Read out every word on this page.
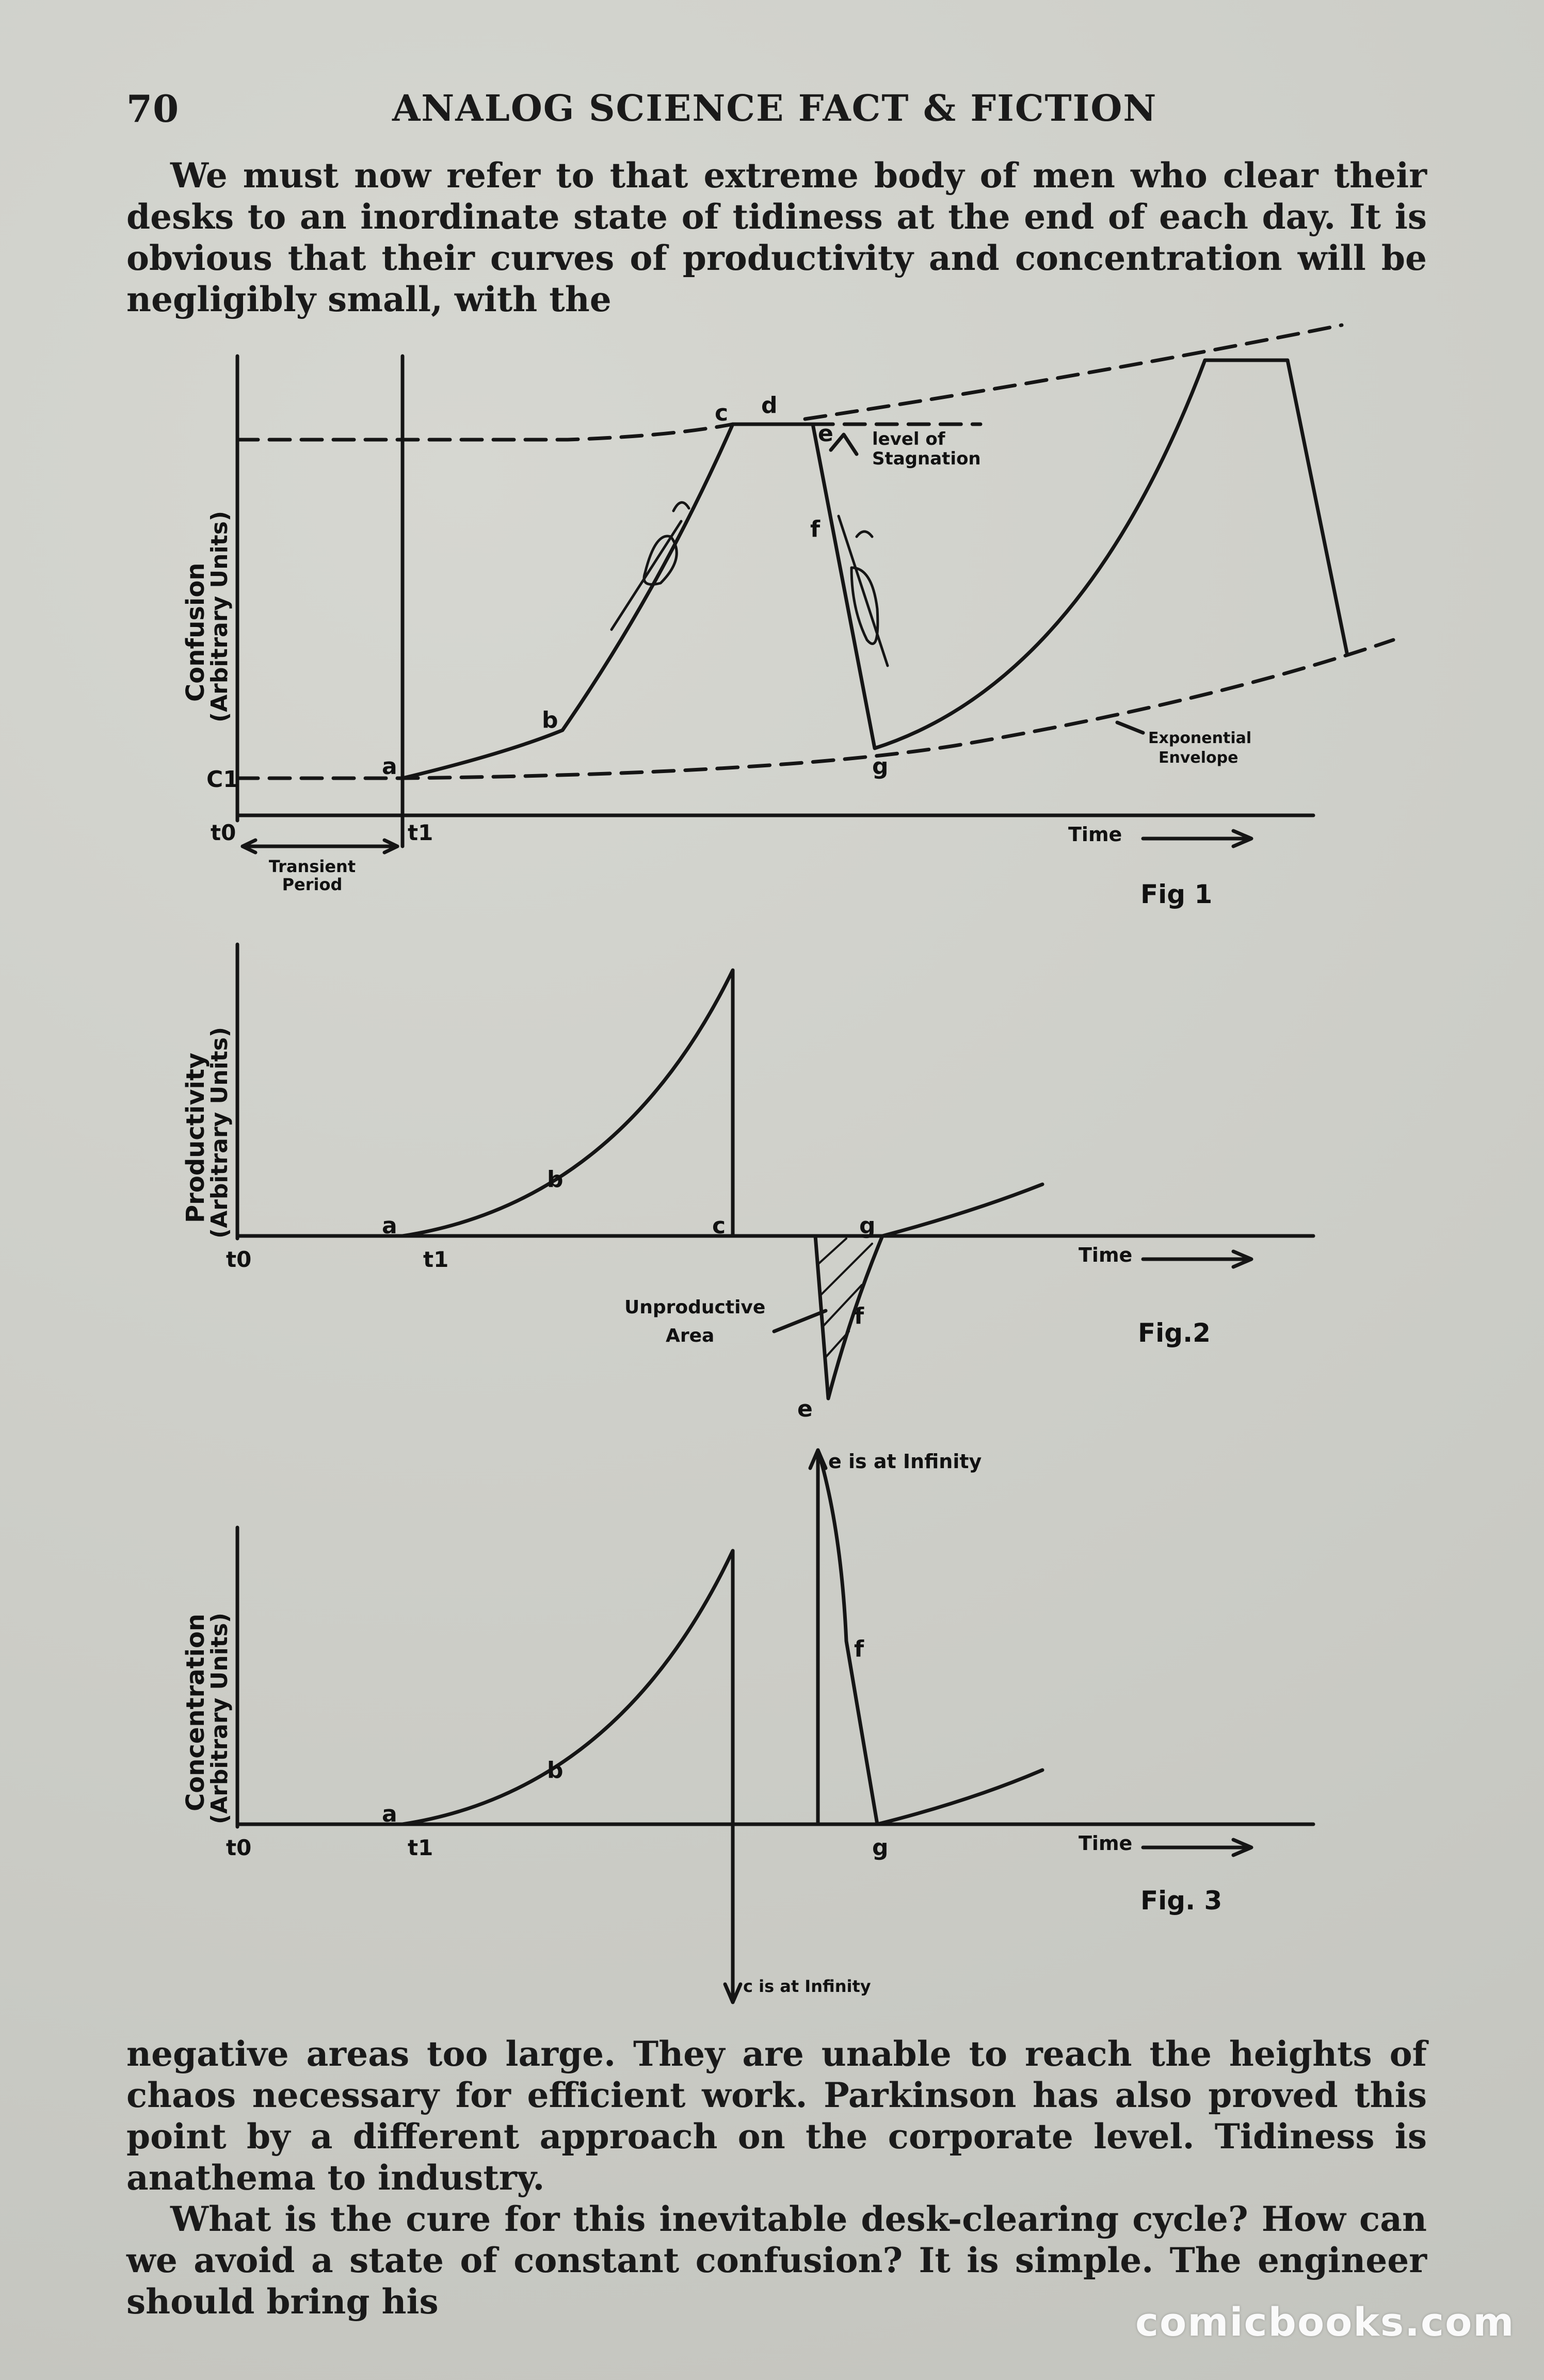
70	ANALOG SCIENCE FACT & FICTION

We must now refer to that extreme body of men who clear their desks to an inordinate state of tidiness at the end of each day. It is obvious that their curves of productivity and concentration will be negligibly small, with the

Confusion
(Arbitrary Units)
C1
t0	t1
Transient
Period
Time
a
b
c d
e
f
g
level of
Stagnation
Exponential
Envelope
Fig 1
Productivity
(Arbitrary Units)
t0	t1	Time
a
b
c	g
f
e
Unproductive
Area	Fig.2
Concentration
(Arbitrary Units)
t0	t1	Time
a
b
f
g
e is at Infinity
c is at Infinity
Fig. 3

negative areas too large. They are unable to reach the heights of chaos necessary for efficient work. Parkinson has also proved this point by a different approach on the corporate level. Tidiness is anathema to industry.

What is the cure for this inevitable desk-clearing cycle? How can we avoid a state of constant confusion? It is simple. The engineer should bring his	comicbooks.com
